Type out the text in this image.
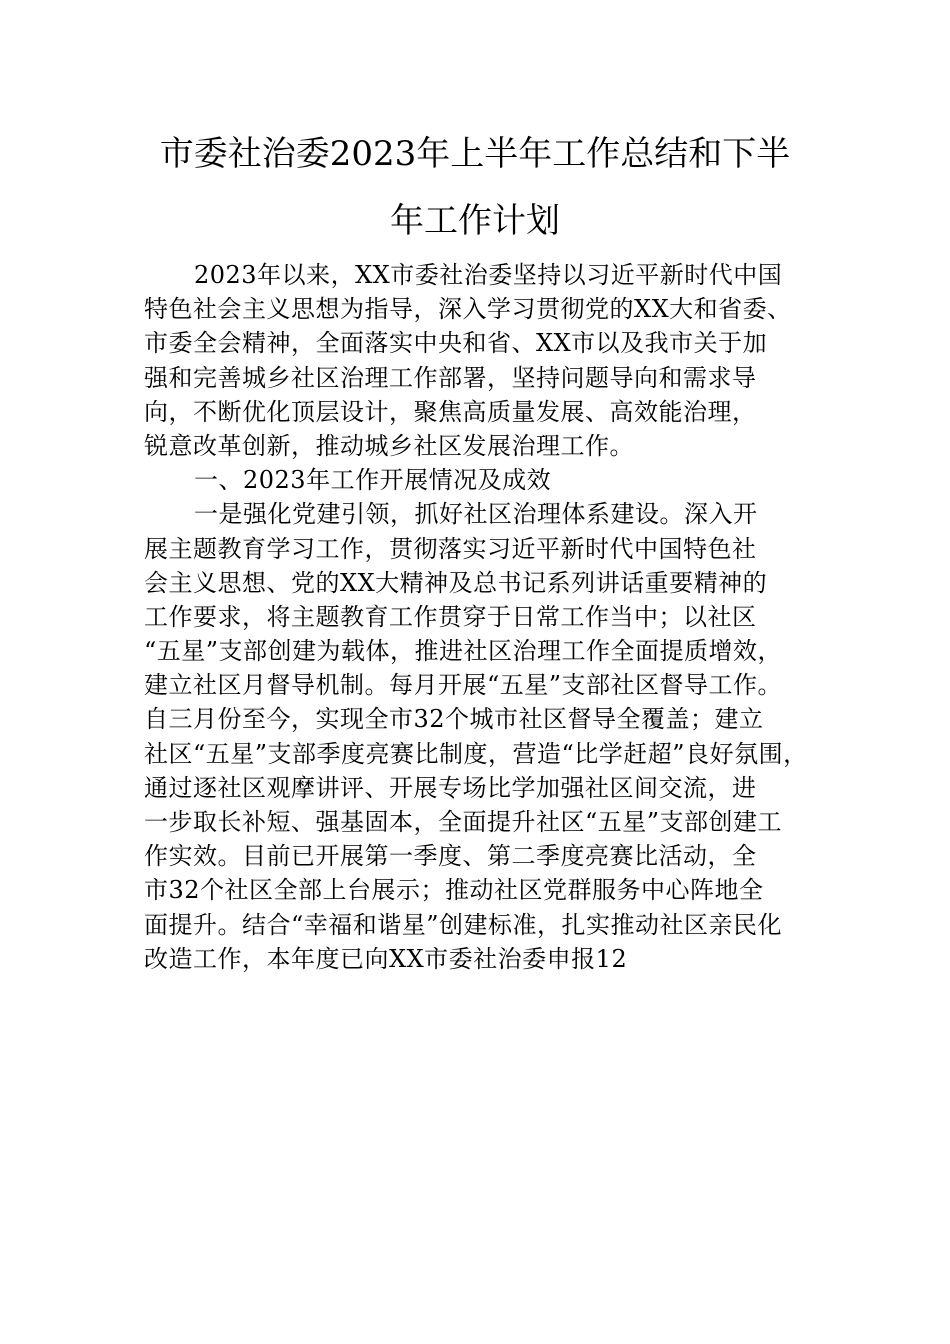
市委社治委2023年上半年工作总结和下半
年工作计划
2023年以来，XX市委社治委坚持以习近平新时代中国
特色社会主义思想为指导，深入学习贯彻党的XX大和省委、
市委全会精神，全面落实中央和省、XX市以及我市关于加
强和完善城乡社区治理工作部署，坚持问题导向和需求导
向，不断优化顶层设计，聚焦高质量发展、高效能治理，
锐意改革创新，推动城乡社区发展治理工作。
一、2023年工作开展情况及成效
一是强化党建引领，抓好社区治理体系建设。深入开
展主题教育学习工作，贯彻落实习近平新时代中国特色社
会主义思想、党的XX大精神及总书记系列讲话重要精神的
工作要求，将主题教育工作贯穿于日常工作当中；以社区
“五星”支部创建为载体，推进社区治理工作全面提质增效，
建立社区月督导机制。每月开展“五星”支部社区督导工作。
自三月份至今，实现全市32个城市社区督导全覆盖；建立
社区“五星”支部季度亮赛比制度，营造“比学赶超”良好氛围，
通过逐社区观摩讲评、开展专场比学加强社区间交流，进
一步取长补短、强基固本，全面提升社区“五星”支部创建工
作实效。目前已开展第一季度、第二季度亮赛比活动，全
市32个社区全部上台展示；推动社区党群服务中心阵地全
面提升。结合“幸福和谐星”创建标准，扎实推动社区亲民化
改造工作，本年度已向XX市委社治委申报12
